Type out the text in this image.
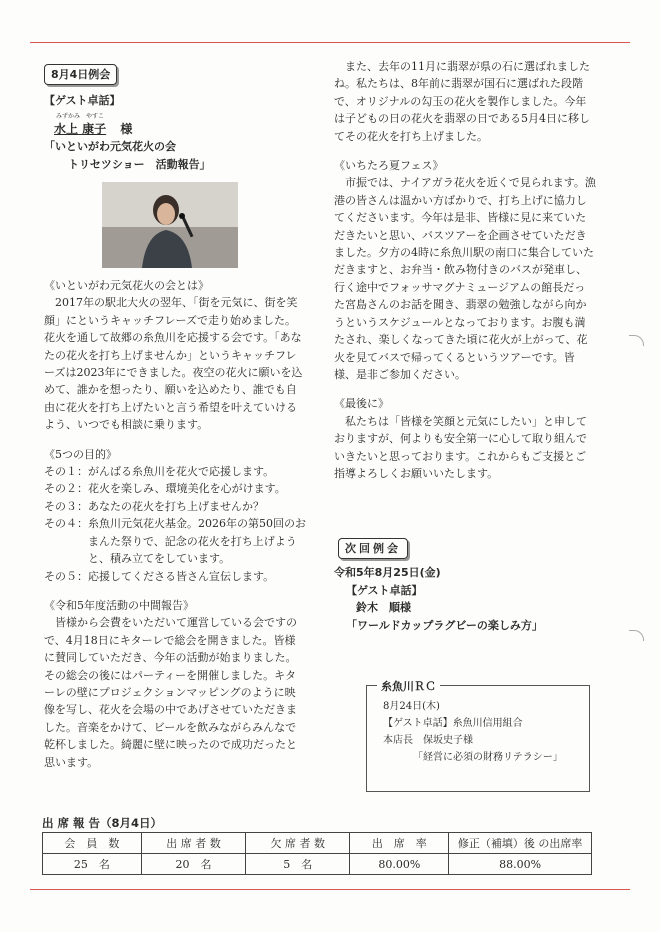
8月4日例会

【ゲスト卓話】

みずかみ　やすこ

水上 康子 様

「いといがわ元気花火の会

トリセツショー　活動報告」

《いといがわ元気花火の会とは》

2017年の駅北大火の翌年、「街を元気に、街を笑顔」にというキャッチフレーズで走り始めました。花火を通して故郷の糸魚川を応援する会です。「あなたの花火を打ち上げませんか」というキャッチフレーズは2023年にできました。夜空の花火に願いを込めて、誰かを想ったり、願いを込めたり、誰でも自由に花火を打ち上げたいと言う希望を叶えていけるよう、いつでも相談に乗ります。

《5つの目的》

その１： がんばる糸魚川を花火で応援します。
その２： 花火を楽しみ、環境美化を心がけます。
その３： あなたの花火を打ち上げませんか？
その４： 糸魚川元気花火基金。2026年の第50回のおまんた祭りで、記念の花火を打ち上げようと、積み立てをしています。
その５： 応援してくださる皆さん宣伝します。

《令和5年度活動の中間報告》

皆様から会費をいただいて運営している会ですので、4月18日にキターレで総会を開きました。皆様に賛同していただき、今年の活動が始まりました。その総会の後にはパーティーを開催しました。キターレの壁にプロジェクションマッピングのように映像を写し、花火を会場の中であげさせていただきました。音楽をかけて、ビールを飲みながらみんなで乾杯しました。綺麗に壁に映ったので成功だったと思います。

また、去年の11月に翡翠が県の石に選ばれましたね。私たちは、8年前に翡翠が国石に選ばれた段階で、オリジナルの勾玉の花火を製作しました。今年は子どもの日の花火を翡翠の日である5月4日に移してその花火を打ち上げました。

《いちたろ夏フェス》

市振では、ナイアガラ花火を近くで見られます。漁港の皆さんは温かい方ばかりで、打ち上げに協力してくださいます。今年は是非、皆様に見に来ていただきたいと思い、バスツアーを企画させていただきました。夕方の4時に糸魚川駅の南口に集合していただきますと、お弁当・飲み物付きのバスが発車し、行く途中でフォッサマグナミュージアムの館長だった宮島さんのお話を聞き、翡翠の勉強しながら向かうというスケジュールとなっております。お腹も満たされ、楽しくなってきた頃に花火が上がって、花火を見てバスで帰ってくるというツアーです。皆様、是非ご参加ください。

《最後に》

私たちは「皆様を笑顔と元気にしたい」と申しておりますが、何よりも安全第一に心して取り組んでいきたいと思っております。これからもご支援とご指導よろしくお願いいたします。

次回例会

令和5年8月25日(金)

【ゲスト卓話】

鈴木　順様

「ワールドカップラグビーの楽しみ方」

糸魚川ＲＣ
8月24日(木)
【ゲスト卓話】糸魚川信用組合
本店長　保坂史子様
「経営に必須の財務リテラシー」
出 席 報 告（8月4日）
会　員　数	出 席 者 数	欠 席 者 数	出　席　率	修正（補填）後 の出席率
25　名	20　名	5　名	80.00%	88.00%
